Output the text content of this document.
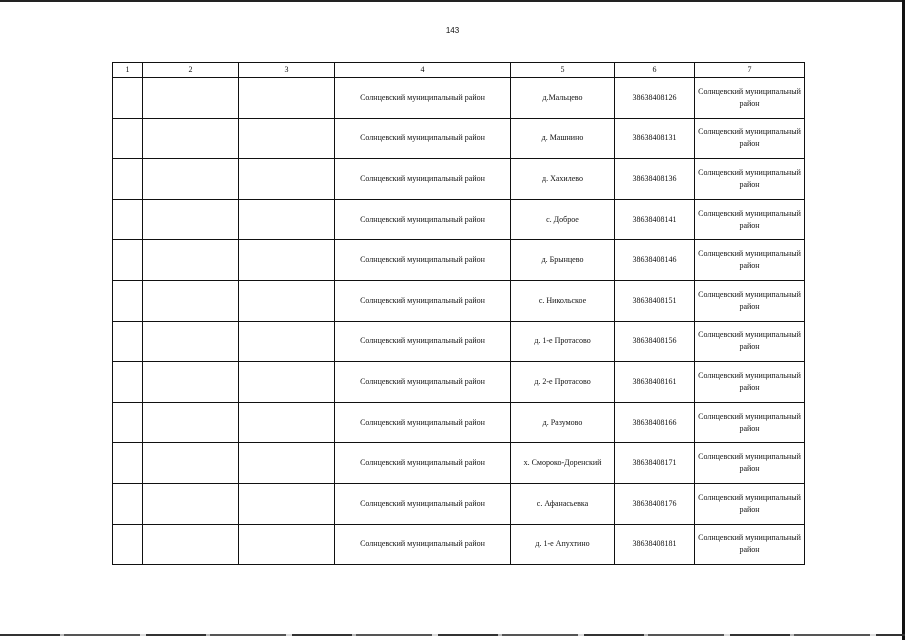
143
1	2	3	4	5	6	7
			Солнцевский муниципальный район	д.Мальцево	38638408126	Солнцевский муниципальный район
			Солнцевский муниципальный район	д. Машнино	38638408131	Солнцевский муниципальный район
			Солнцевский муниципальный район	д. Хахилево	38638408136	Солнцевский муниципальный район
			Солнцевский муниципальный район	с. Доброе	38638408141	Солнцевский муниципальный район
			Солнцевский муниципальный район	д. Брынцево	38638408146	Солнцевский муниципальный район
			Солнцевский муниципальный район	с. Никольское	38638408151	Солнцевский муниципальный район
			Солнцевский муниципальный район	д. 1-е Протасово	38638408156	Солнцевский муниципальный район
			Солнцевский муниципальный район	д. 2-е Протасово	38638408161	Солнцевский муниципальный район
			Солнцевский муниципальный район	д. Разумово	38638408166	Солнцевский муниципальный район
			Солнцевский муниципальный район	х. Смороко-Доренский	38638408171	Солнцевский муниципальный район
			Солнцевский муниципальный район	с. Афанасьевка	38638408176	Солнцевский муниципальный район
			Солнцевский муниципальный район	д. 1-е Апухтино	38638408181	Солнцевский муниципальный район
